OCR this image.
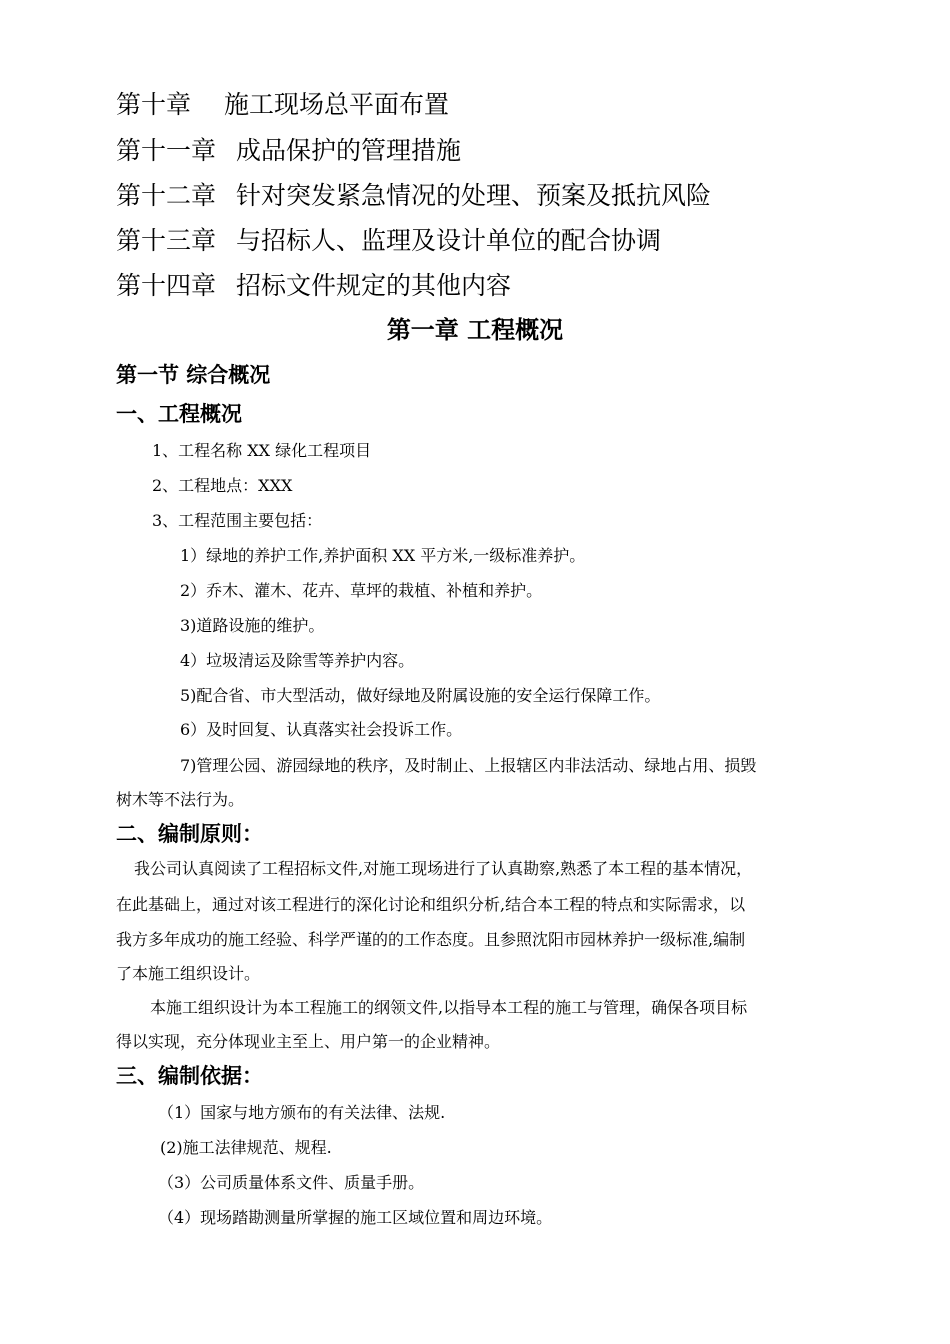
第十章 施工现场总平面布置
第十一章 成品保护的管理措施
第十二章 针对突发紧急情况的处理、预案及抵抗风险
第十三章 与招标人、监理及设计单位的配合协调
第十四章 招标文件规定的其他内容
第一章 工程概况
第一节 综合概况
一、工程概况
1、工程名称 XX 绿化工程项目
2、工程地点：XXX
3、工程范围主要包括：
1）绿地的养护工作,养护面积 XX 平方米,一级标准养护。
2）乔木、灌木、花卉、草坪的栽植、补植和养护。
3)道路设施的维护。
4）垃圾清运及除雪等养护内容。
5)配合省、市大型活动，做好绿地及附属设施的安全运行保障工作。
6）及时回复、认真落实社会投诉工作。
7)管理公园、游园绿地的秩序，及时制止、上报辖区内非法活动、绿地占用、损毁
树木等不法行为。
二、编制原则：
我公司认真阅读了工程招标文件,对施工现场进行了认真勘察,熟悉了本工程的基本情况，
在此基础上，通过对该工程进行的深化讨论和组织分析,结合本工程的特点和实际需求，以
我方多年成功的施工经验、科学严谨的的工作态度。且参照沈阳市园林养护一级标准,编制
了本施工组织设计。
本施工组织设计为本工程施工的纲领文件,以指导本工程的施工与管理，确保各项目标
得以实现，充分体现业主至上、用户第一的企业精神。
三、编制依据：
（1）国家与地方颁布的有关法律、法规.
(2)施工法律规范、规程.
（3）公司质量体系文件、质量手册。
（4）现场踏勘测量所掌握的施工区域位置和周边环境。
